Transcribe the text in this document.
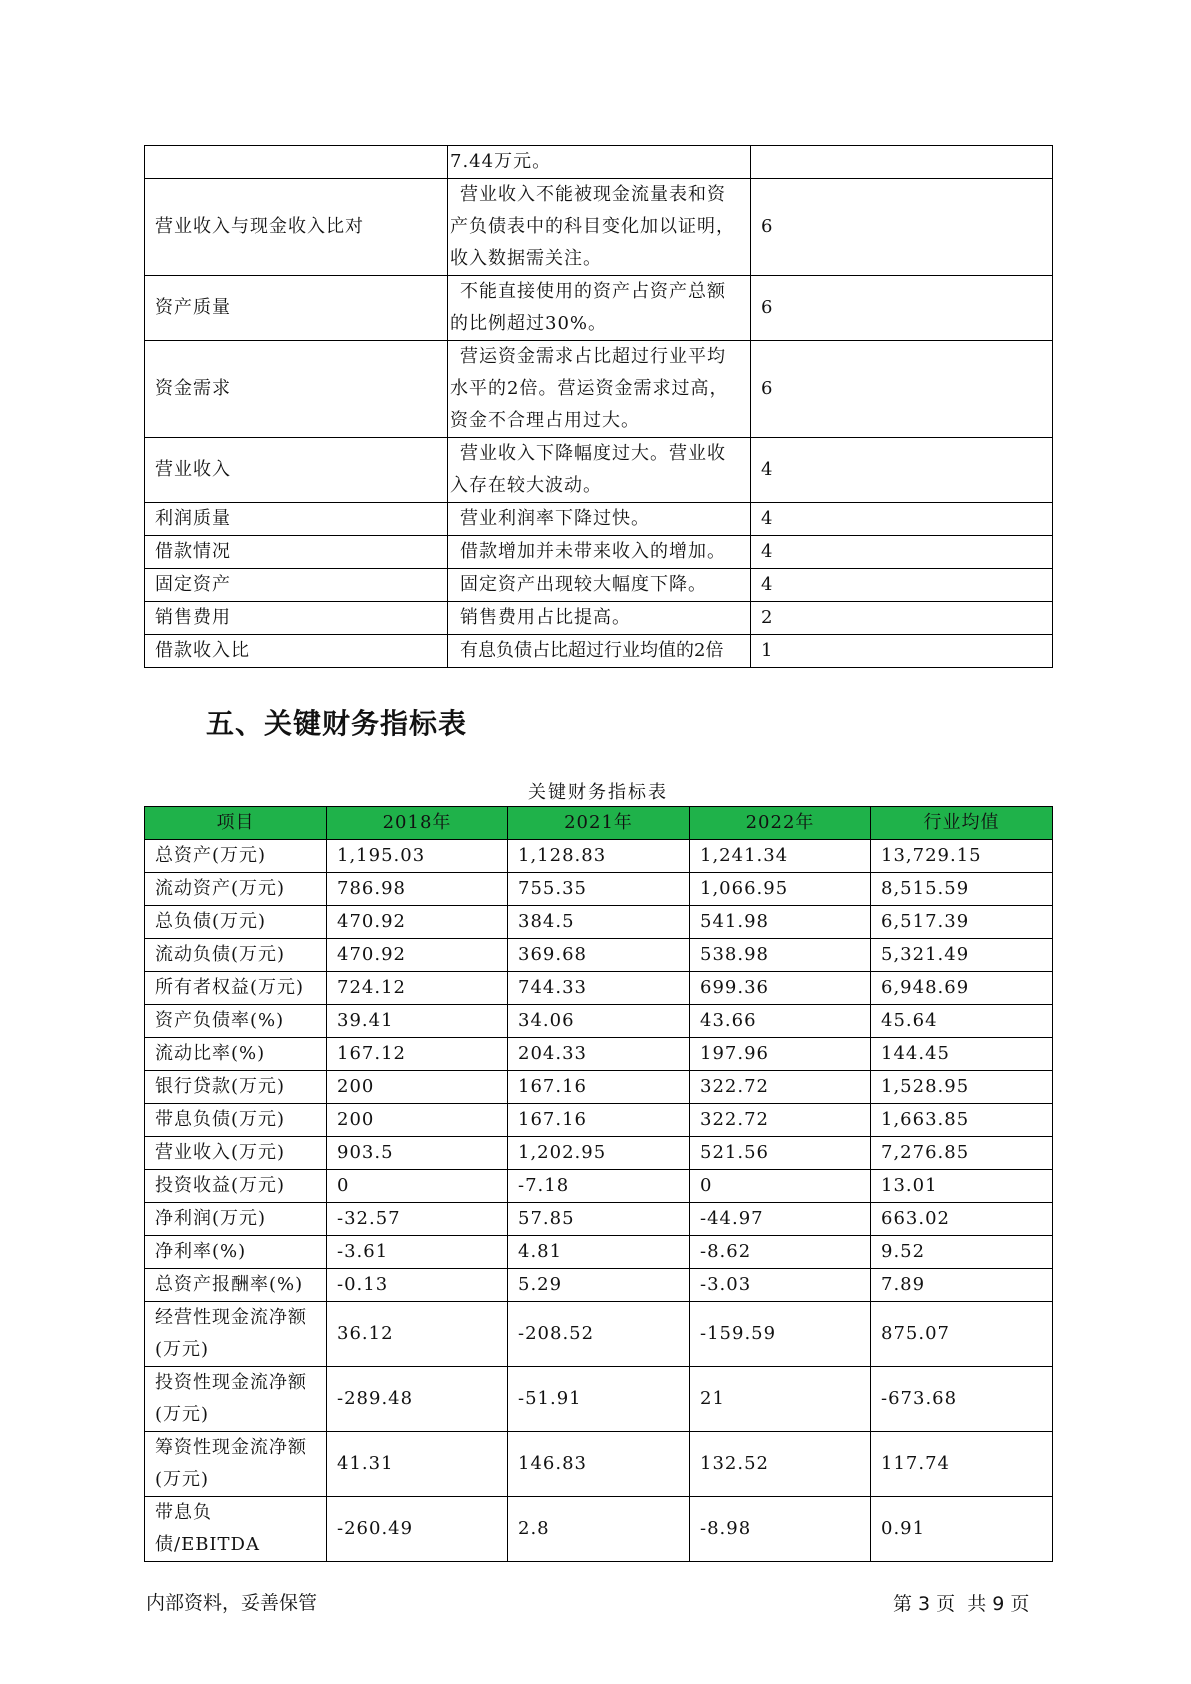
	7.44万元。	
营业收入与现金收入比对	营业收入不能被现金流量表和资产负债表中的科目变化加以证明，收入数据需关注。	6
资产质量	不能直接使用的资产占资产总额的比例超过30%。	6
资金需求	营运资金需求占比超过行业平均水平的2倍。营运资金需求过高，资金不合理占用过大。	6
营业收入	营业收入下降幅度过大。营业收入存在较大波动。	4
利润质量	营业利润率下降过快。	4
借款情况	借款增加并未带来收入的增加。	4
固定资产	固定资产出现较大幅度下降。	4
销售费用	销售费用占比提高。	2
借款收入比	有息负债占比超过行业均值的2倍	1
五、关键财务指标表
关键财务指标表
项目	2018年	2021年	2022年	行业均值
总资产(万元)	1,195.03	1,128.83	1,241.34	13,729.15
流动资产(万元)	786.98	755.35	1,066.95	8,515.59
总负债(万元)	470.92	384.5	541.98	6,517.39
流动负债(万元)	470.92	369.68	538.98	5,321.49
所有者权益(万元)	724.12	744.33	699.36	6,948.69
资产负债率(%)	39.41	34.06	43.66	45.64
流动比率(%)	167.12	204.33	197.96	144.45
银行贷款(万元)	200	167.16	322.72	1,528.95
带息负债(万元)	200	167.16	322.72	1,663.85
营业收入(万元)	903.5	1,202.95	521.56	7,276.85
投资收益(万元)	0	-7.18	0	13.01
净利润(万元)	-32.57	57.85	-44.97	663.02
净利率(%)	-3.61	4.81	-8.62	9.52
总资产报酬率(%)	-0.13	5.29	-3.03	7.89
经营性现金流净额(万元)	36.12	-208.52	-159.59	875.07
投资性现金流净额(万元)	-289.48	-51.91	21	-673.68
筹资性现金流净额(万元)	41.31	146.83	132.52	117.74
带息负债/EBITDA	-260.49	2.8	-8.98	0.91
内部资料，妥善保管	第 3 页  共 9 页
